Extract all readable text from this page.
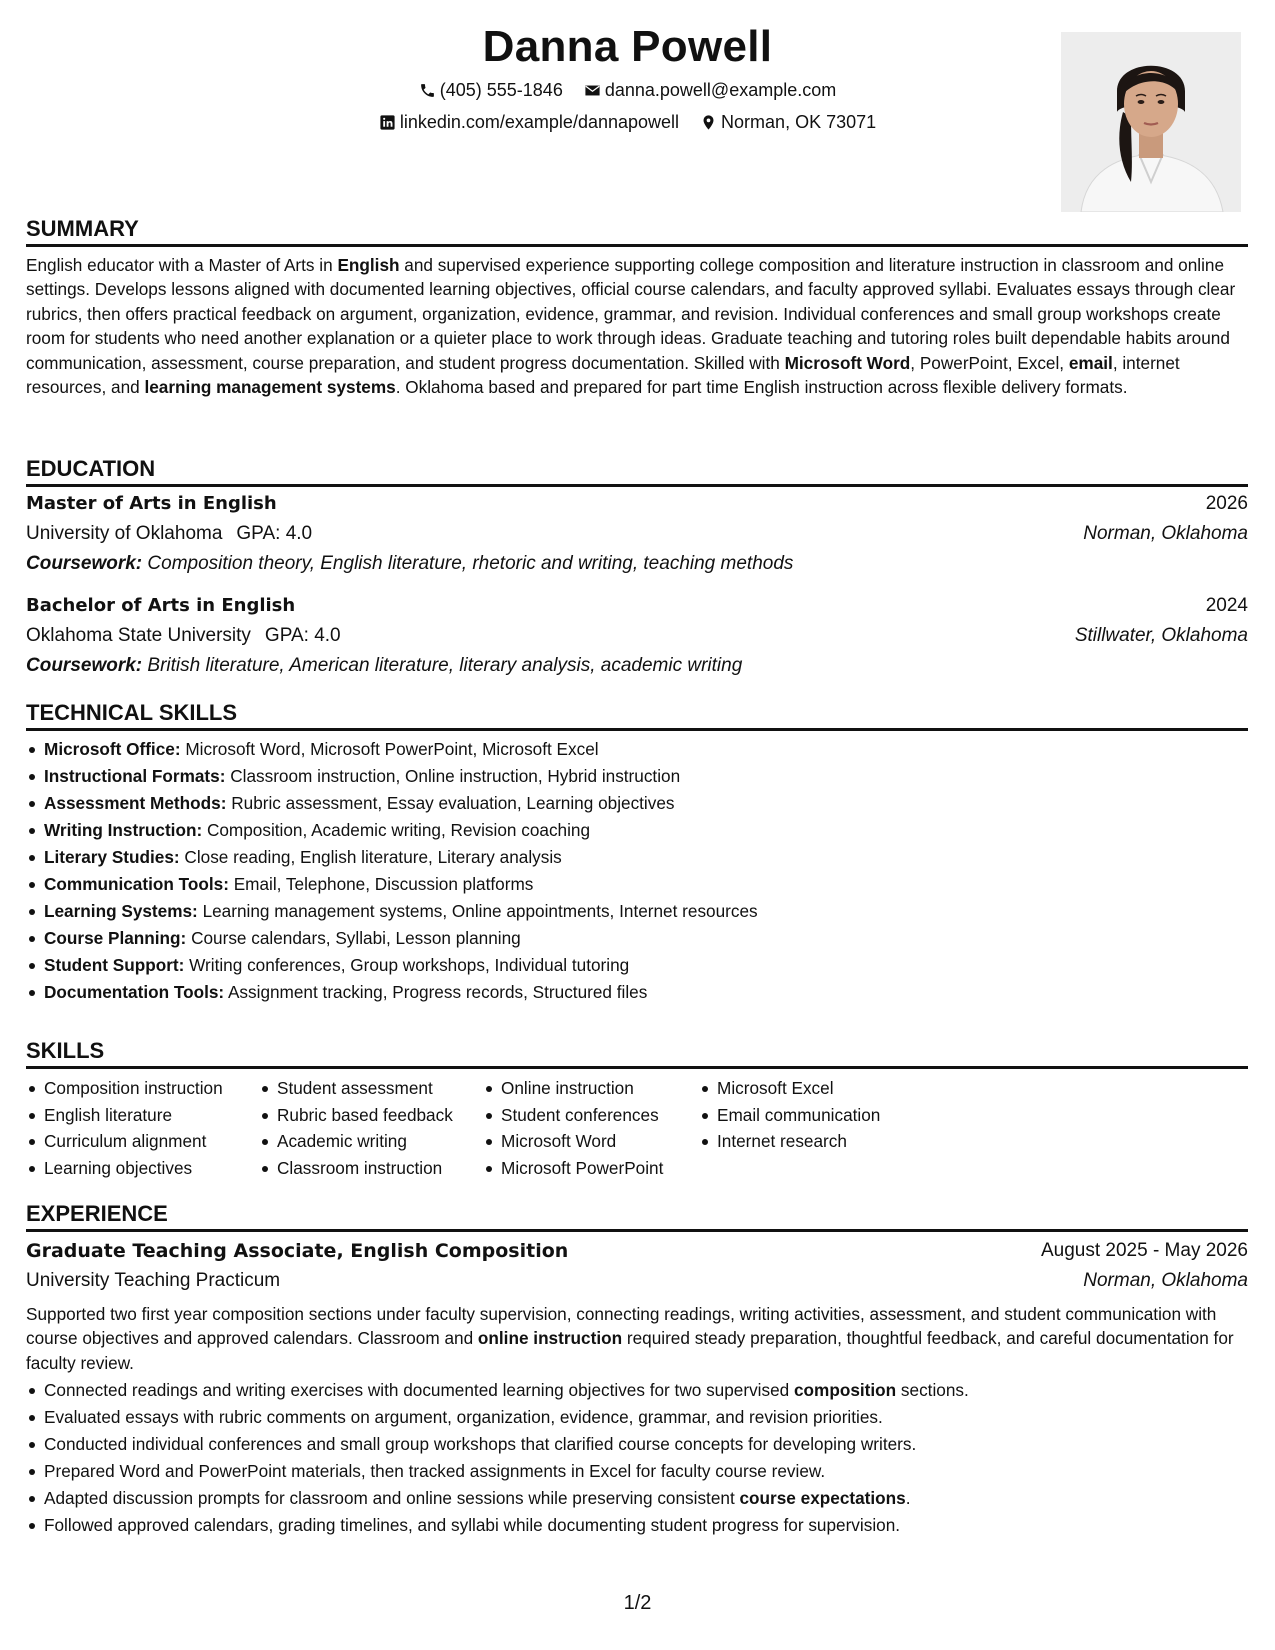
Danna Powell
(405) 555-1846
danna.powell@example.com
linkedin.com/example/dannapowell
Norman, OK 73071
SUMMARY
English educator with a Master of Arts in English and supervised experience supporting college composition and literature instruction in classroom and online settings. Develops lessons aligned with documented learning objectives, official course calendars, and faculty approved syllabi. Evaluates essays through clear rubrics, then offers practical feedback on argument, organization, evidence, grammar, and revision. Individual conferences and small group workshops create room for students who need another explanation or a quieter place to work through ideas. Graduate teaching and tutoring roles built dependable habits around communication, assessment, course preparation, and student progress documentation. Skilled with Microsoft Word, PowerPoint, Excel, email, internet resources, and learning management systems. Oklahoma based and prepared for part time English instruction across flexible delivery formats.
EDUCATION
Master of Arts in English	2026
University of Oklahoma GPA: 4.0	Norman, Oklahoma
Coursework: Composition theory, English literature, rhetoric and writing, teaching methods
Bachelor of Arts in English	2024
Oklahoma State University GPA: 4.0	Stillwater, Oklahoma
Coursework: British literature, American literature, literary analysis, academic writing
TECHNICAL SKILLS
Microsoft Office: Microsoft Word, Microsoft PowerPoint, Microsoft Excel
Instructional Formats: Classroom instruction, Online instruction, Hybrid instruction
Assessment Methods: Rubric assessment, Essay evaluation, Learning objectives
Writing Instruction: Composition, Academic writing, Revision coaching
Literary Studies: Close reading, English literature, Literary analysis
Communication Tools: Email, Telephone, Discussion platforms
Learning Systems: Learning management systems, Online appointments, Internet resources
Course Planning: Course calendars, Syllabi, Lesson planning
Student Support: Writing conferences, Group workshops, Individual tutoring
Documentation Tools: Assignment tracking, Progress records, Structured files
SKILLS
Composition instruction
English literature
Curriculum alignment
Learning objectives
Student assessment
Rubric based feedback
Academic writing
Classroom instruction
Online instruction
Student conferences
Microsoft Word
Microsoft PowerPoint
Microsoft Excel
Email communication
Internet research
EXPERIENCE
Graduate Teaching Associate, English Composition	August 2025 - May 2026
University Teaching Practicum	Norman, Oklahoma
Supported two first year composition sections under faculty supervision, connecting readings, writing activities, assessment, and student communication with course objectives and approved calendars. Classroom and online instruction required steady preparation, thoughtful feedback, and careful documentation for faculty review.
Connected readings and writing exercises with documented learning objectives for two supervised composition sections.
Evaluated essays with rubric comments on argument, organization, evidence, grammar, and revision priorities.
Conducted individual conferences and small group workshops that clarified course concepts for developing writers.
Prepared Word and PowerPoint materials, then tracked assignments in Excel for faculty course review.
Adapted discussion prompts for classroom and online sessions while preserving consistent course expectations.
Followed approved calendars, grading timelines, and syllabi while documenting student progress for supervision.
1/2
